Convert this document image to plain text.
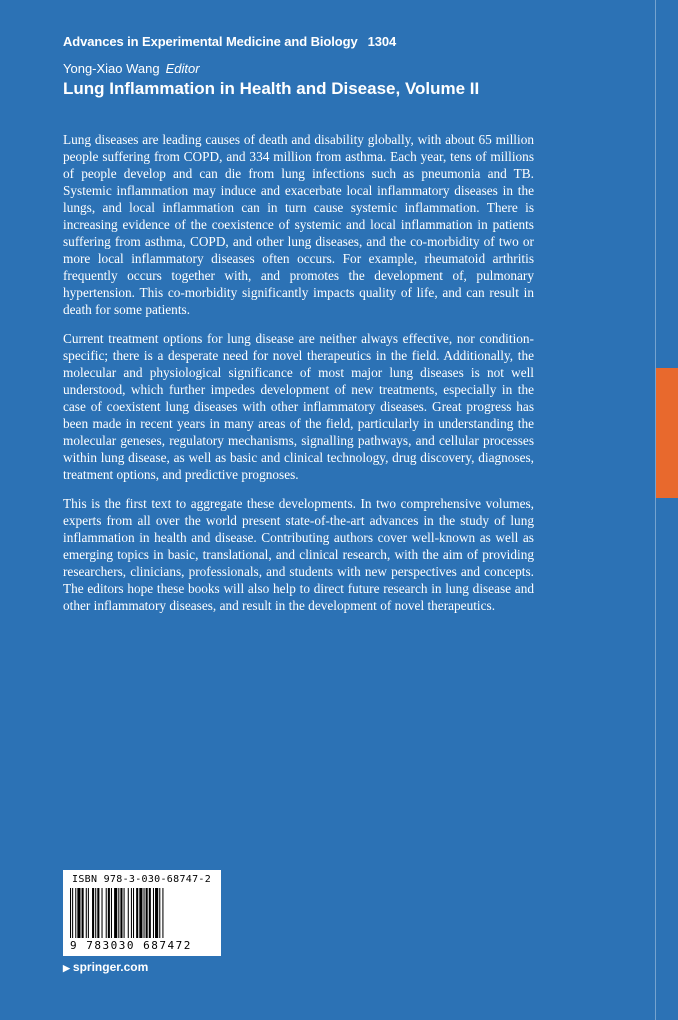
Advances in Experimental Medicine and Biology 1304
Yong-Xiao Wang Editor
Lung Inflammation in Health and Disease, Volume II

Lung diseases are leading causes of death and disability globally, with about 65 million people suffering from COPD, and 334 million from asthma. Each year, tens of millions of people develop and can die from lung infections such as pneumonia and TB. Systemic inflammation may induce and exacerbate local inflammatory diseases in the lungs, and local inflammation can in turn cause systemic inflammation. There is increasing evidence of the coexistence of systemic and local inflammation in patients suffering from asthma, COPD, and other lung diseases, and the co-morbidity of two or more local inflammatory diseases often occurs. For example, rheumatoid arthritis frequently occurs together with, and promotes the development of, pulmonary hypertension. This co-morbidity significantly impacts quality of life, and can result in death for some patients.

Current treatment options for lung disease are neither always effective, nor condition-specific; there is a desperate need for novel therapeutics in the field. Additionally, the molecular and physiological significance of most major lung diseases is not well understood, which further impedes development of new treatments, especially in the case of coexistent lung diseases with other inflammatory diseases. Great progress has been made in recent years in many areas of the field, particularly in understanding the molecular geneses, regulatory mechanisms, signalling pathways, and cellular processes within lung disease, as well as basic and clinical technology, drug discovery, diagnoses, treatment options, and predictive prognoses.

This is the first text to aggregate these developments. In two comprehensive volumes, experts from all over the world present state-of-the-art advances in the study of lung inflammation in health and disease. Contributing authors cover well-known as well as emerging topics in basic, translational, and clinical research, with the aim of providing researchers, clinicians, professionals, and students with new perspectives and concepts. The editors hope these books will also help to direct future research in lung disease and other inflammatory diseases, and result in the development of novel therapeutics.

ISBN 978-3-030-68747-2
9 783030 687472
▶ springer.com
